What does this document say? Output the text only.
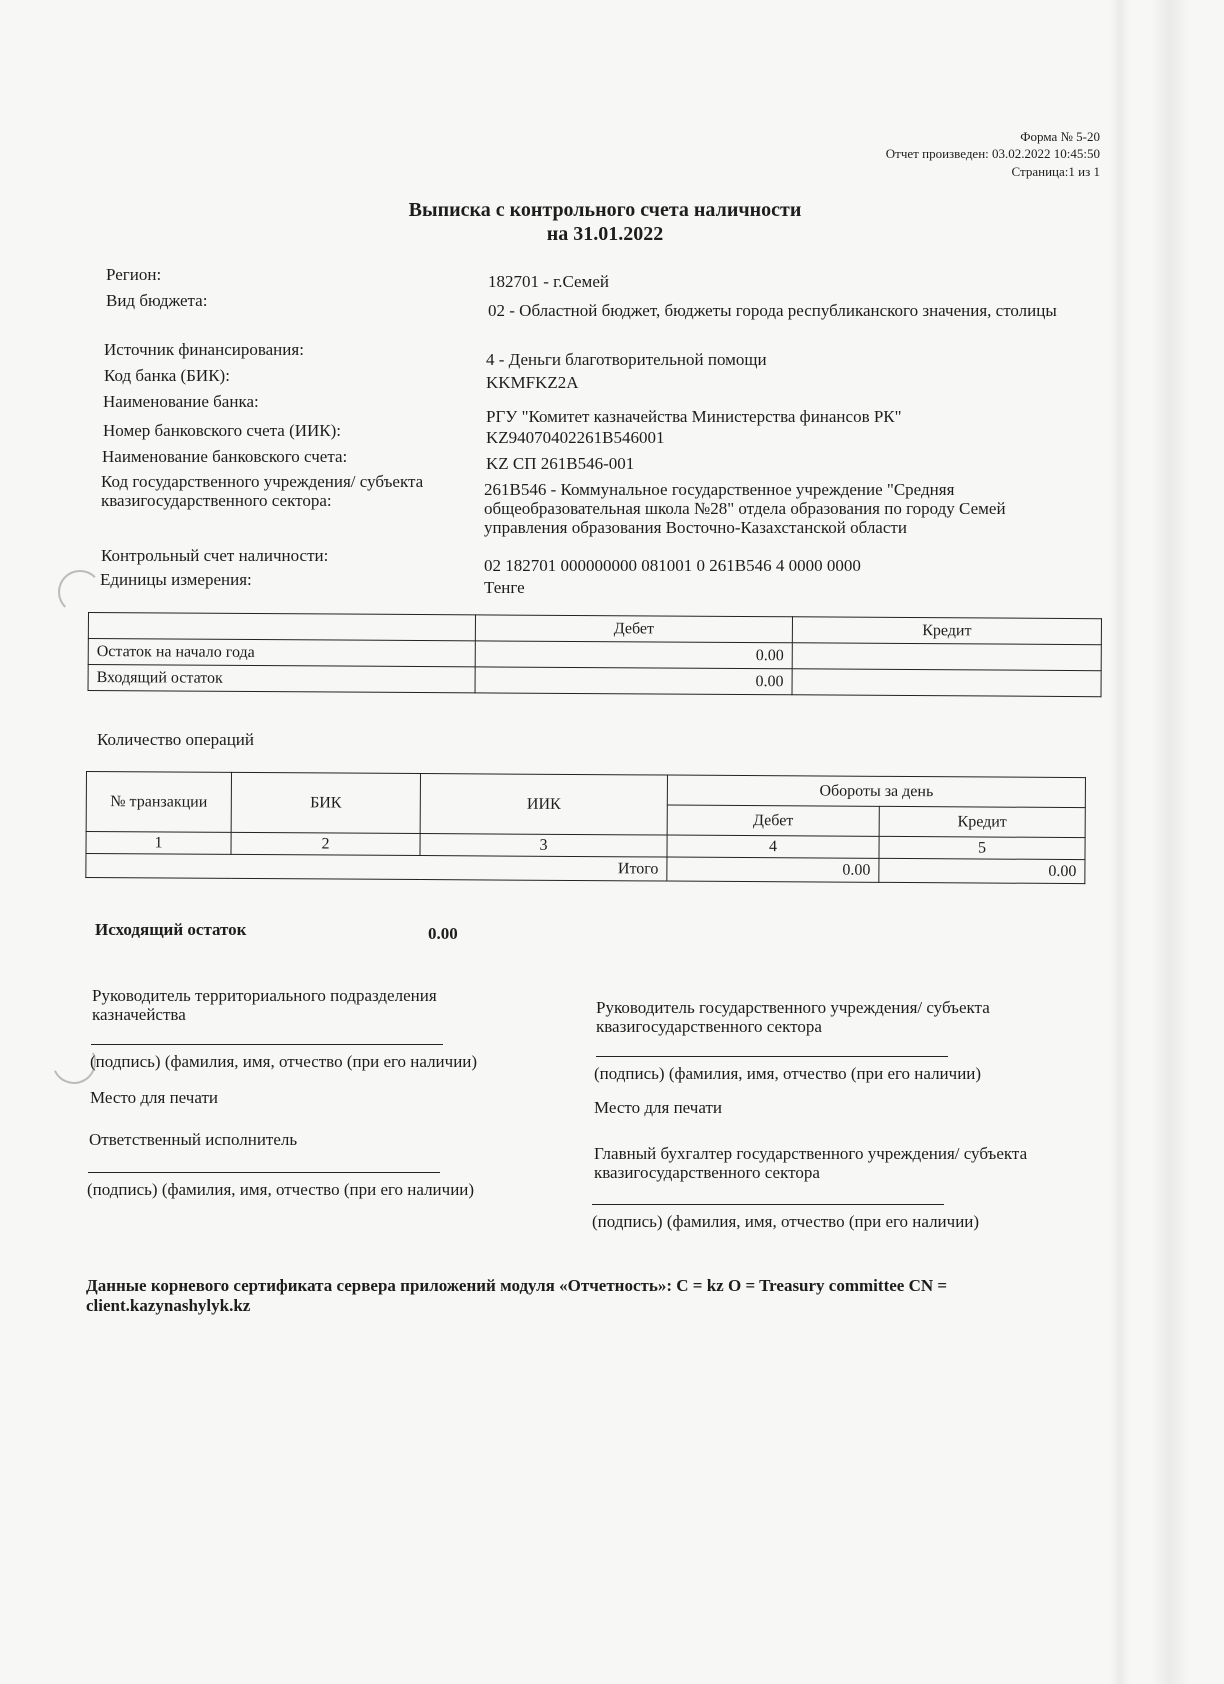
Форма № 5-20
Отчет произведен: 03.02.2022 10:45:50
Страница:1 из 1
Выписка с контрольного счета наличности
на 31.01.2022
Регион:	182701 - г.Семей
Вид бюджета:
02 - Областной бюджет, бюджеты города республиканского значения, столицы
Источник финансирования:
4 - Деньги благотворительной помощи
Код банка (БИК):	KKMFKZ2A
Наименование банка:
РГУ "Комитет казначейства Министерства финансов РК"
Номер банковского счета (ИИК):	KZ94070402261B546001
Наименование банковского счета:	KZ СП 261B546-001
Код государственного учреждения/ субъекта квазигосударственного сектора:
261B546 - Коммунальное государственное учреждение "Средняя общеобразовательная школа №28" отдела образования по городу Семей управления образования Восточно-Казахстанской области
Контрольный счет наличности:
02 182701 000000000 081001 0 261B546 4 0000 0000
Единицы измерения:	Тенге
	Дебет	Кредит
Остаток на начало года	0.00	
Входящий остаток	0.00	
Количество операций
№ транзакции	БИК	ИИК	Обороты за день	
			Дебет	Кредит
1	2	3	4	5
Итого			0.00	0.00
Исходящий остаток	0.00
Руководитель территориального подразделения казначейства
(подпись) (фамилия, имя, отчество (при его наличии)
Место для печати
Ответственный исполнитель
(подпись) (фамилия, имя, отчество (при его наличии)
Руководитель государственного учреждения/ субъекта квазигосударственного сектора
(подпись) (фамилия, имя, отчество (при его наличии)
Место для печати
Главный бухгалтер государственного учреждения/ субъекта квазигосударственного сектора
(подпись) (фамилия, имя, отчество (при его наличии)
Данные корневого сертификата сервера приложений модуля «Отчетность»: C = kz O = Treasury committee CN = client.kazynashylyk.kz
